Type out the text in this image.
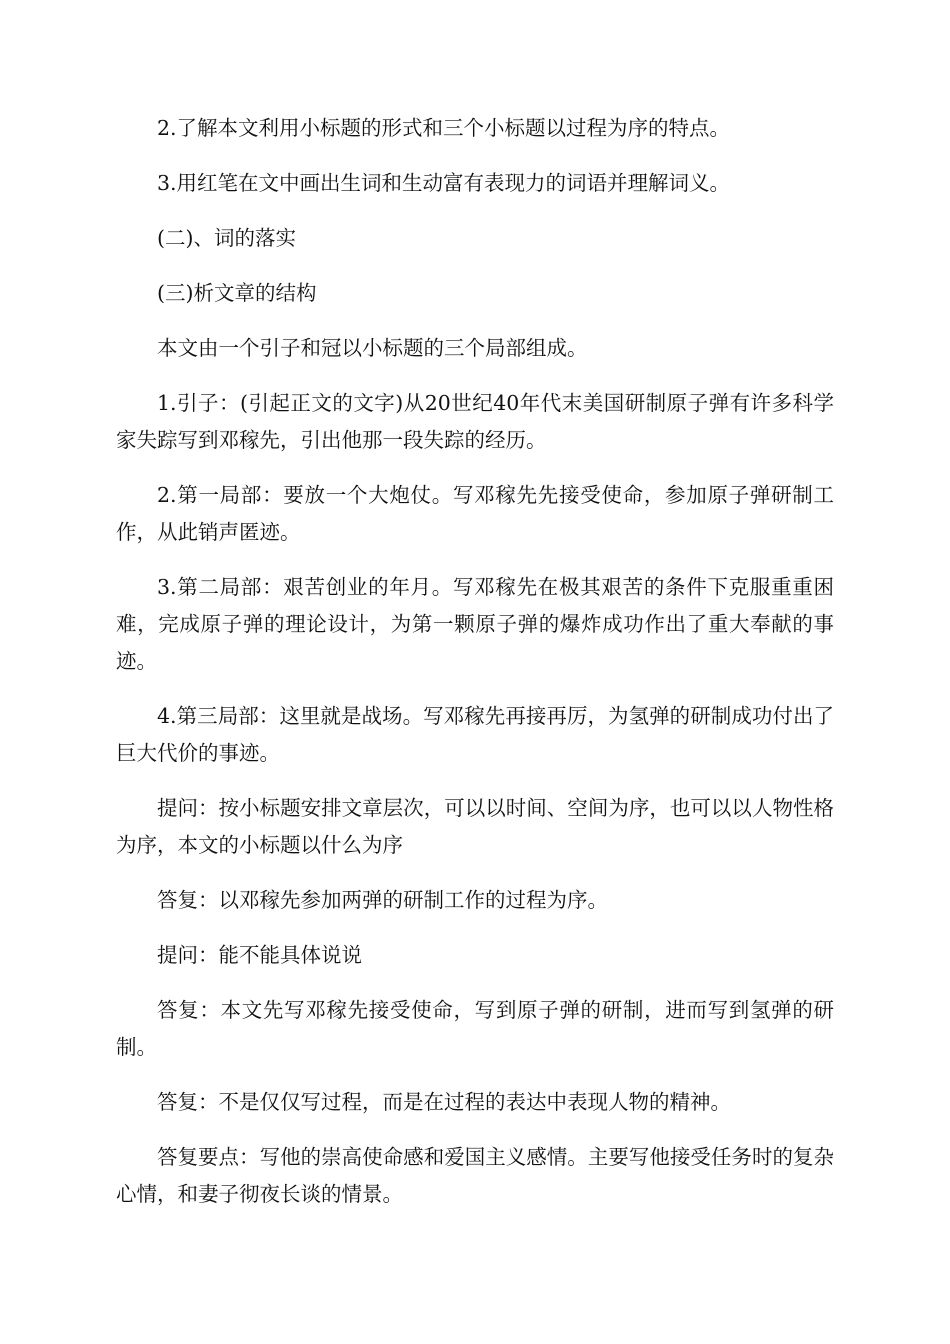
2.了解本文利用小标题的形式和三个小标题以过程为序的特点。

3.用红笔在文中画出生词和生动富有表现力的词语并理解词义。

(二)、词的落实

(三)析文章的结构

本文由一个引子和冠以小标题的三个局部组成。

1.引子：(引起正文的文字)从20世纪40年代末美国研制原子弹有许多科学家失踪写到邓稼先，引出他那一段失踪的经历。

2.第一局部：要放一个大炮仗。写邓稼先先接受使命，参加原子弹研制工作，从此销声匿迹。

3.第二局部：艰苦创业的年月。写邓稼先在极其艰苦的条件下克服重重困难，完成原子弹的理论设计，为第一颗原子弹的爆炸成功作出了重大奉献的事迹。

4.第三局部：这里就是战场。写邓稼先再接再厉，为氢弹的研制成功付出了巨大代价的事迹。

提问：按小标题安排文章层次，可以以时间、空间为序，也可以以人物性格为序，本文的小标题以什么为序

答复：以邓稼先参加两弹的研制工作的过程为序。

提问：能不能具体说说

答复：本文先写邓稼先接受使命，写到原子弹的研制，进而写到氢弹的研制。

答复：不是仅仅写过程，而是在过程的表达中表现人物的精神。

答复要点：写他的崇高使命感和爱国主义感情。主要写他接受任务时的复杂心情，和妻子彻夜长谈的情景。
